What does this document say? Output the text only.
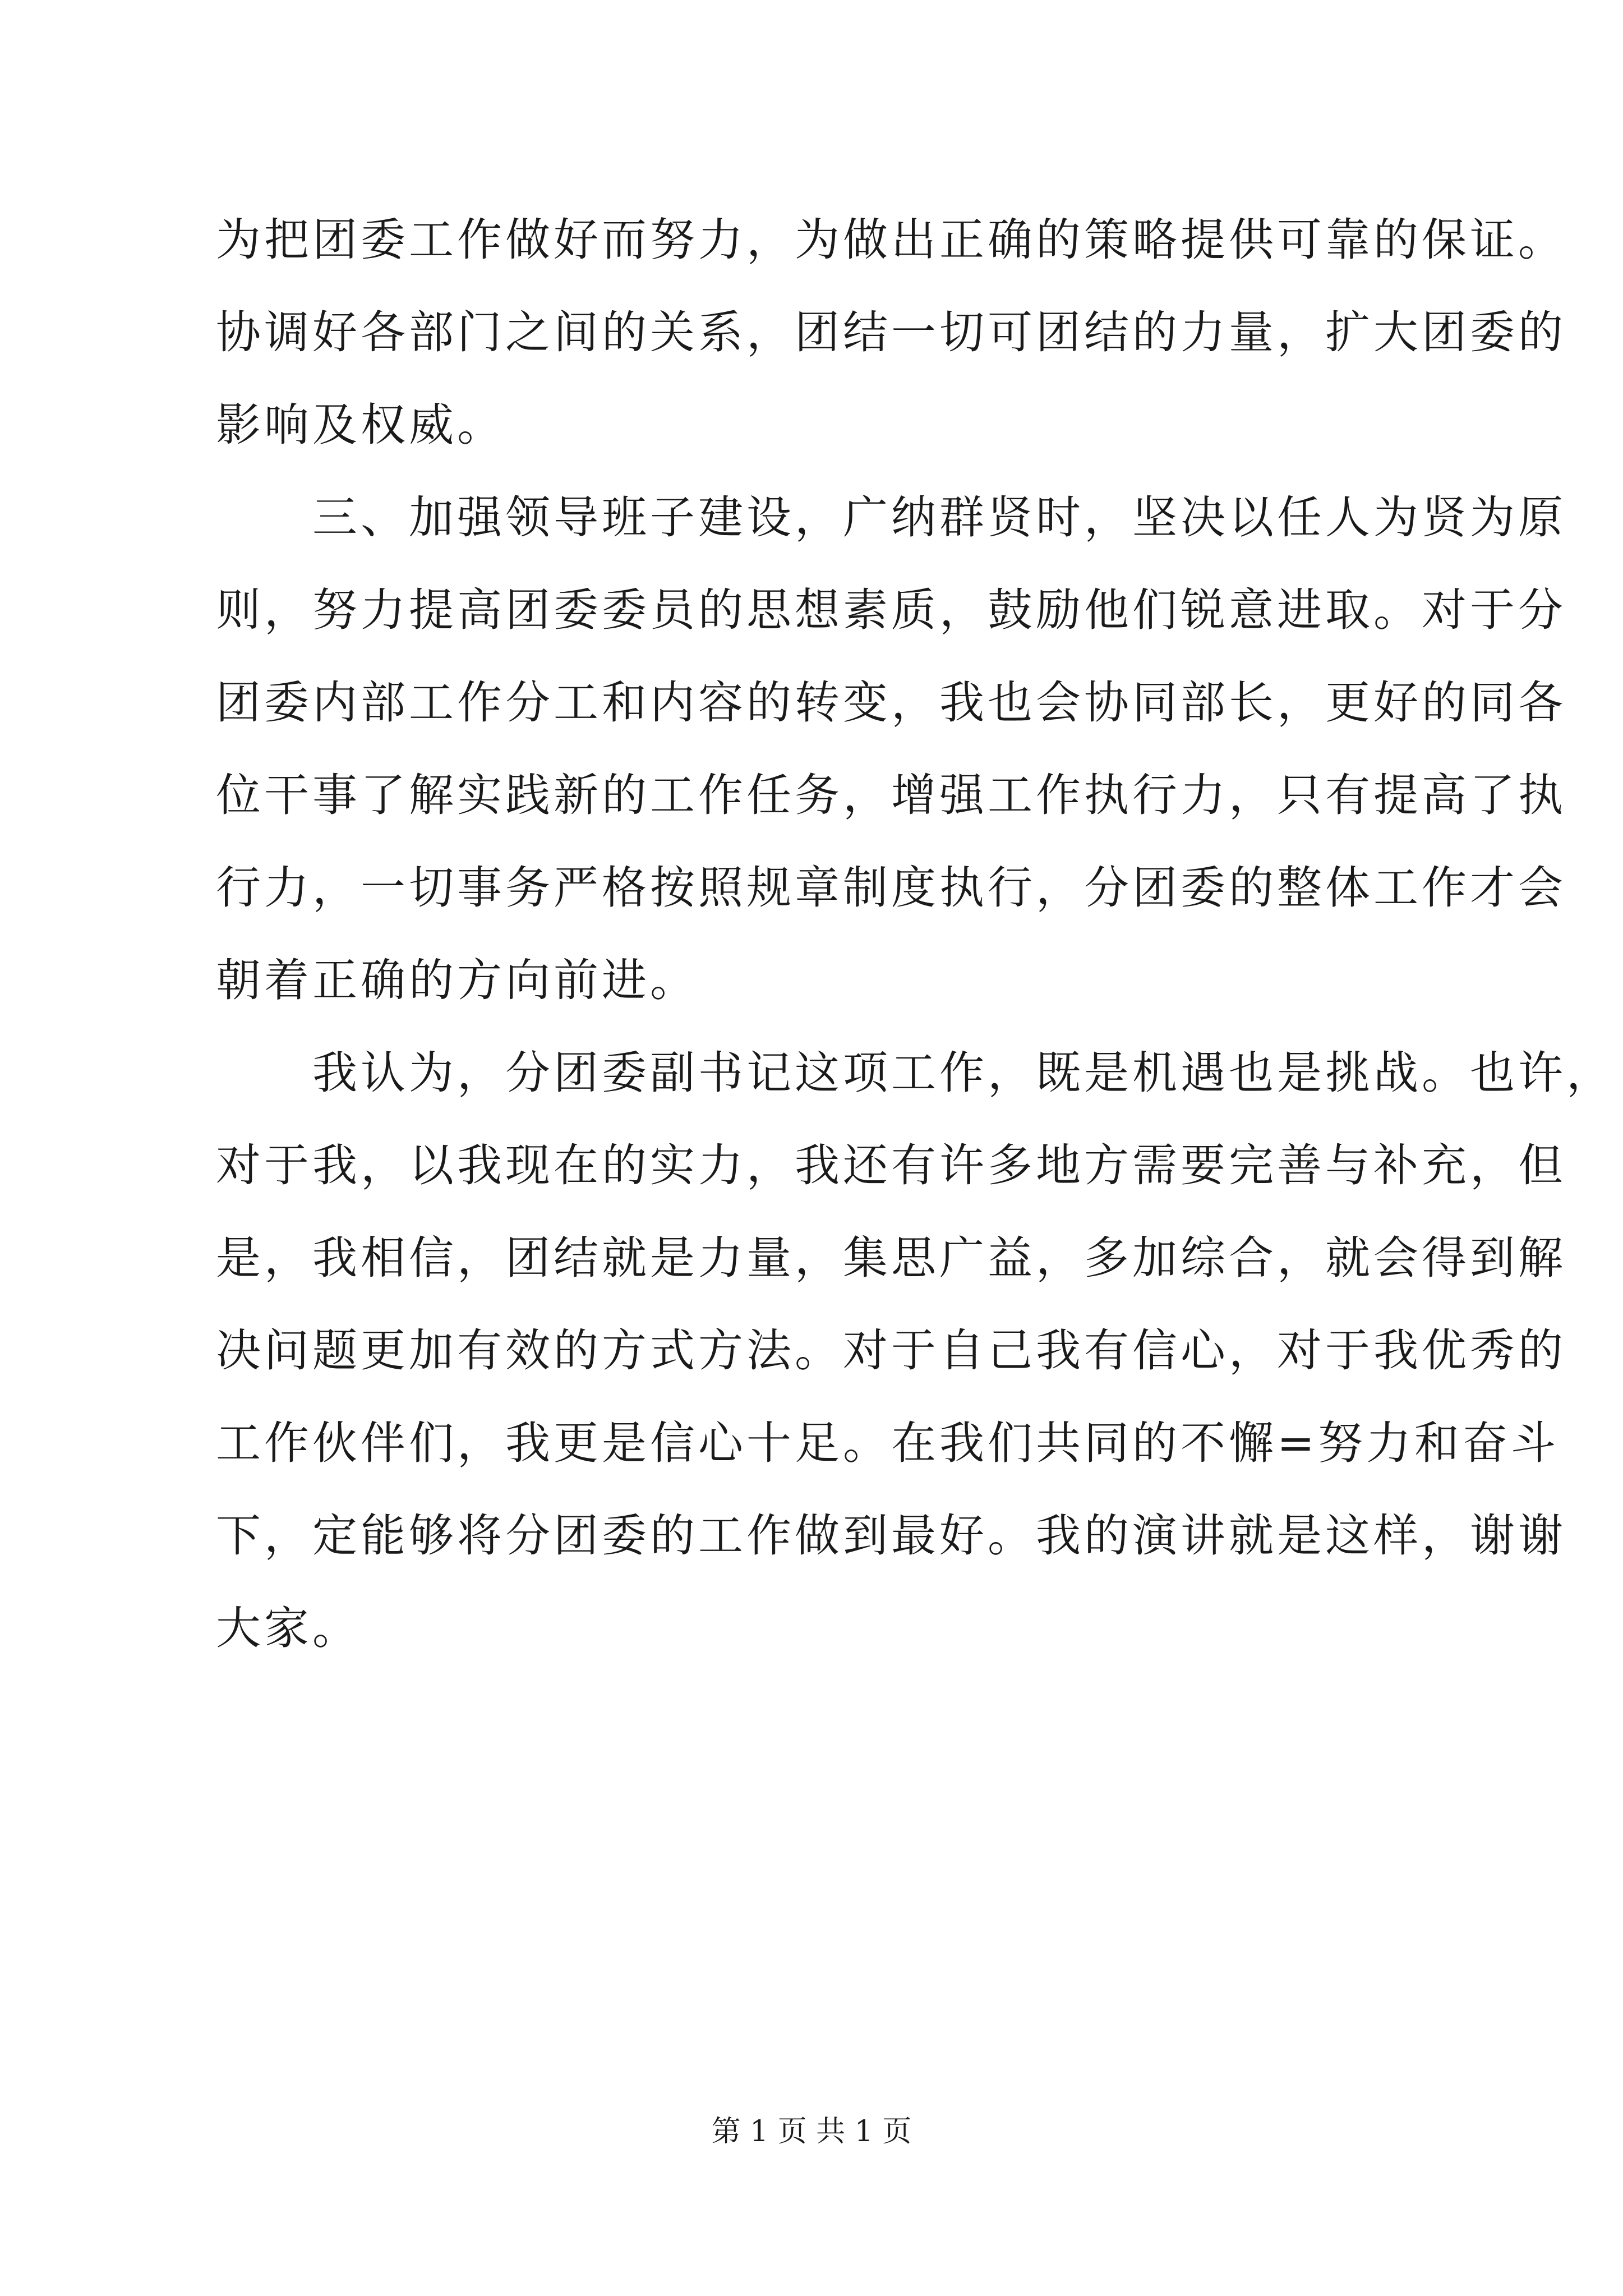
为把团委工作做好而努力，为做出正确的策略提供可靠的保证。
协调好各部门之间的关系，团结一切可团结的力量，扩大团委的
影响及权威。
　　三、加强领导班子建设，广纳群贤时，坚决以任人为贤为原
则，努力提高团委委员的思想素质，鼓励他们锐意进取。对于分
团委内部工作分工和内容的转变，我也会协同部长，更好的同各
位干事了解实践新的工作任务，增强工作执行力，只有提高了执
行力，一切事务严格按照规章制度执行，分团委的整体工作才会
朝着正确的方向前进。
　　我认为，分团委副书记这项工作，既是机遇也是挑战。也许，
对于我，以我现在的实力，我还有许多地方需要完善与补充，但
是，我相信，团结就是力量，集思广益，多加综合，就会得到解
决问题更加有效的方式方法。对于自己我有信心，对于我优秀的
工作伙伴们，我更是信心十足。在我们共同的不懈=努力和奋斗
下，定能够将分团委的工作做到最好。我的演讲就是这样，谢谢
大家。
第 1 页 共 1 页
